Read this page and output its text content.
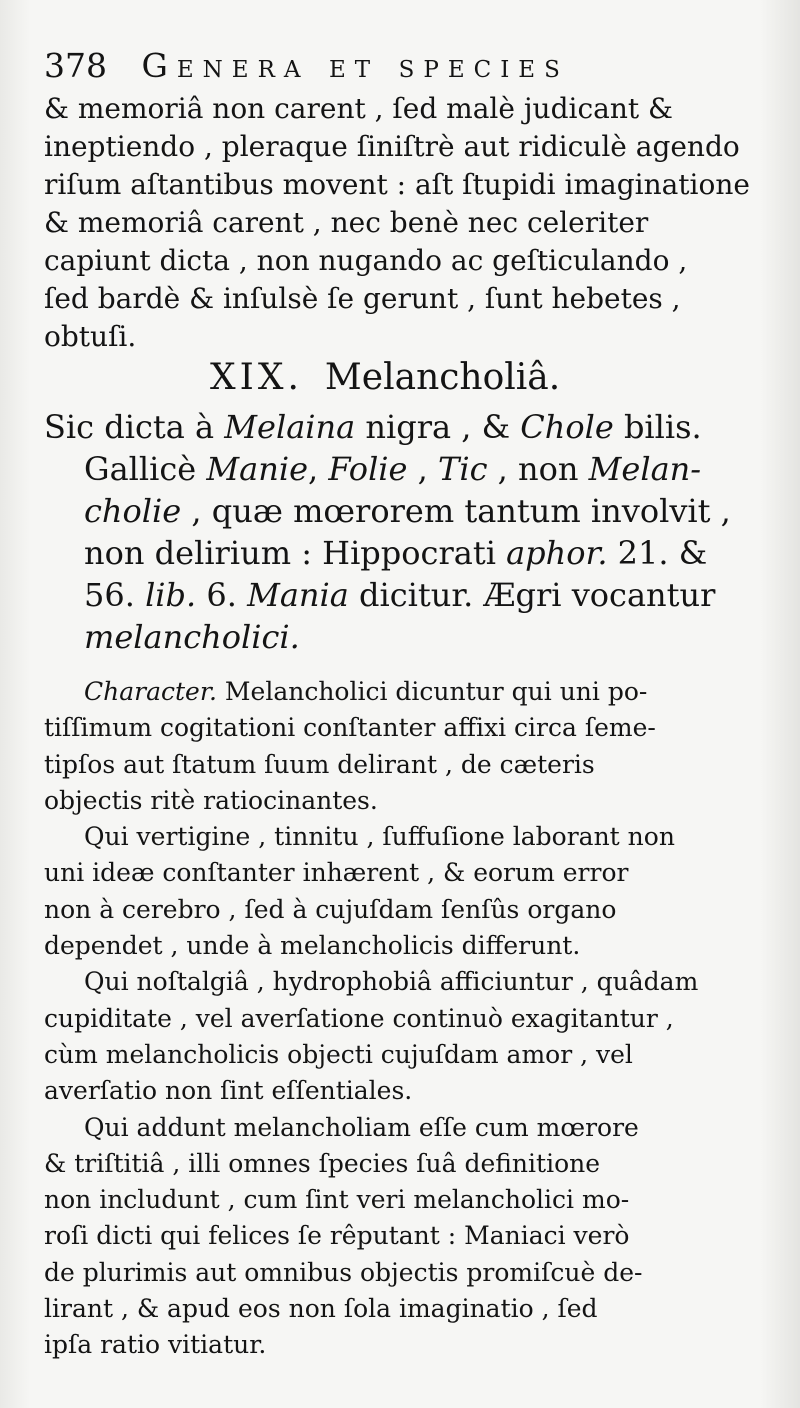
378 Genera et species
& memoriâ non carent , ſed malè judicant &
ineptiendo , pleraque ſiniſtrè aut ridiculè agendo
riſum aſtantibus movent : aſt ſtupidi imaginatione
& memoriâ carent , nec benè nec celeriter
capiunt dicta , non nugando ac geſticulando ,
ſed bardè & inſulsè ſe gerunt , ſunt hebetes ,
obtuſi.
XIX. Melancholiâ.
Sic dicta à Melaina nigra , & Chole bilis.
Gallicè Manie, Folie , Tic , non Melan-
cholie , quæ mœrorem tantum involvit ,
non delirium : Hippocrati aphor. 21. &
56. lib. 6. Mania dicitur. Ægri vocantur
melancholici.
Character. Melancholici dicuntur qui uni po-
tiſſimum cogitationi conſtanter affixi circa ſeme-
tipſos aut ſtatum ſuum delirant , de cæteris
objectis ritè ratiocinantes.
Qui vertigine , tinnitu , ſuffuſione laborant non
uni ideæ conſtanter inhærent , & eorum error
non à cerebro , ſed à cujuſdam ſenſûs organo
dependet , unde à melancholicis differunt.
Qui noſtalgiâ , hydrophobiâ afficiuntur , quâdam
cupiditate , vel averſatione continuò exagitantur ,
cùm melancholicis objecti cujuſdam amor , vel
averſatio non ſint eſſentiales.
Qui addunt melancholiam eſſe cum mœrore
& triſtitiâ , illi omnes ſpecies ſuâ definitione
non includunt , cum ſint veri melancholici mo-
roſi dicti qui felices ſe rêputant : Maniaci verò
de plurimis aut omnibus objectis promiſcuè de-
lirant , & apud eos non ſola imaginatio , ſed
ipſa ratio vitiatur.
